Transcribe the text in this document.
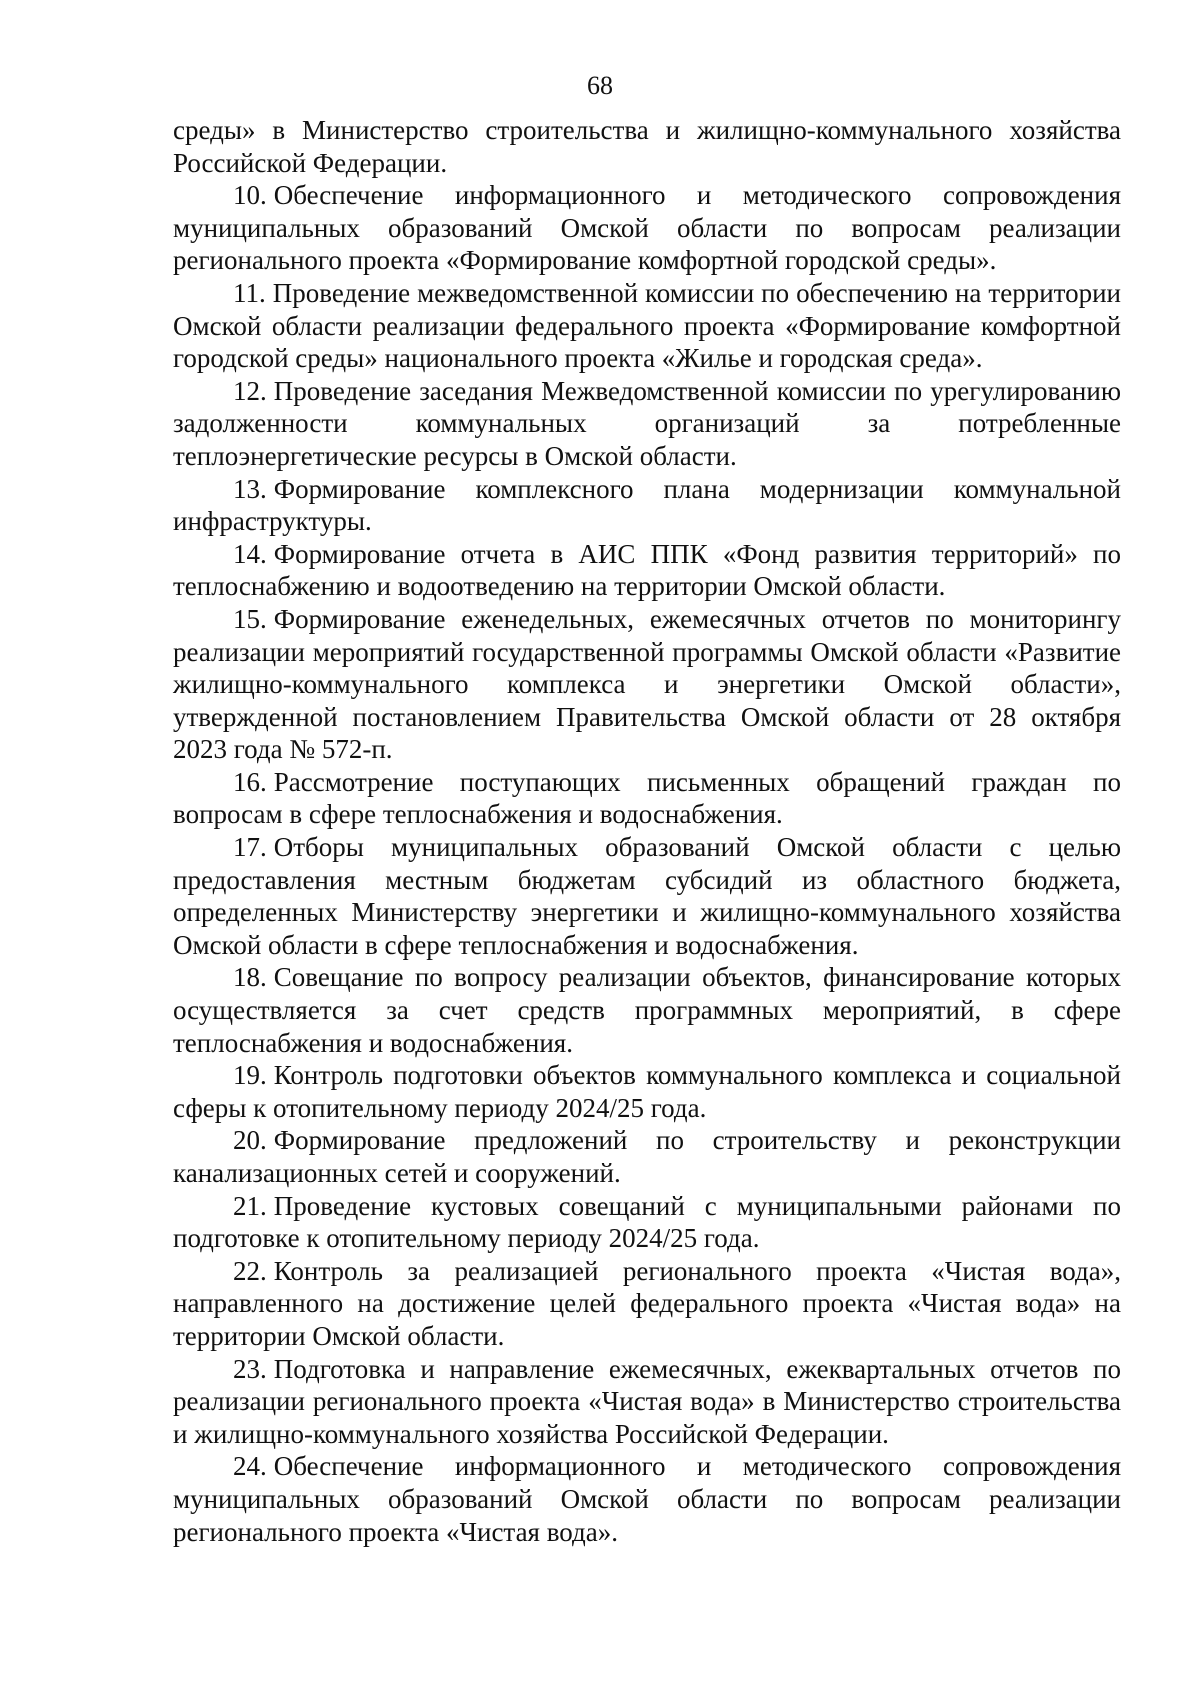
68

среды» в Министерство строительства и жилищно-коммунального хозяйства Российской Федерации.

10. Обеспечение информационного и методического сопровождения муниципальных образований Омской области по вопросам реализации регионального проекта «Формирование комфортной городской среды».

11. Проведение межведомственной комиссии по обеспечению на территории Омской области реализации федерального проекта «Формирование комфортной городской среды» национального проекта «Жилье и городская среда».

12. Проведение заседания Межведомственной комиссии по урегулированию задолженности коммунальных организаций за потребленные теплоэнергетические ресурсы в Омской области.

13. Формирование комплексного плана модернизации коммунальной инфраструктуры.

14. Формирование отчета в АИС ППК «Фонд развития территорий» по теплоснабжению и водоотведению на территории Омской области.

15. Формирование еженедельных, ежемесячных отчетов по мониторингу реализации мероприятий государственной программы Омской области «Развитие жилищно-коммунального комплекса и энергетики Омской области», утвержденной постановлением Правительства Омской области от 28 октября 2023 года № 572-п.

16. Рассмотрение поступающих письменных обращений граждан по вопросам в сфере теплоснабжения и водоснабжения.

17. Отборы муниципальных образований Омской области с целью предоставления местным бюджетам субсидий из областного бюджета, определенных Министерству энергетики и жилищно-коммунального хозяйства Омской области в сфере теплоснабжения и водоснабжения.

18. Совещание по вопросу реализации объектов, финансирование которых осуществляется за счет средств программных мероприятий, в сфере теплоснабжения и водоснабжения.

19. Контроль подготовки объектов коммунального комплекса и социальной сферы к отопительному периоду 2024/25 года.

20. Формирование предложений по строительству и реконструкции канализационных сетей и сооружений.

21. Проведение кустовых совещаний с муниципальными районами по подготовке к отопительному периоду 2024/25 года.

22. Контроль за реализацией регионального проекта «Чистая вода», направленного на достижение целей федерального проекта «Чистая вода» на территории Омской области.

23. Подготовка и направление ежемесячных, ежеквартальных отчетов по реализации регионального проекта «Чистая вода» в Министерство строительства и жилищно-коммунального хозяйства Российской Федерации.

24. Обеспечение информационного и методического сопровождения муниципальных образований Омской области по вопросам реализации регионального проекта «Чистая вода».
